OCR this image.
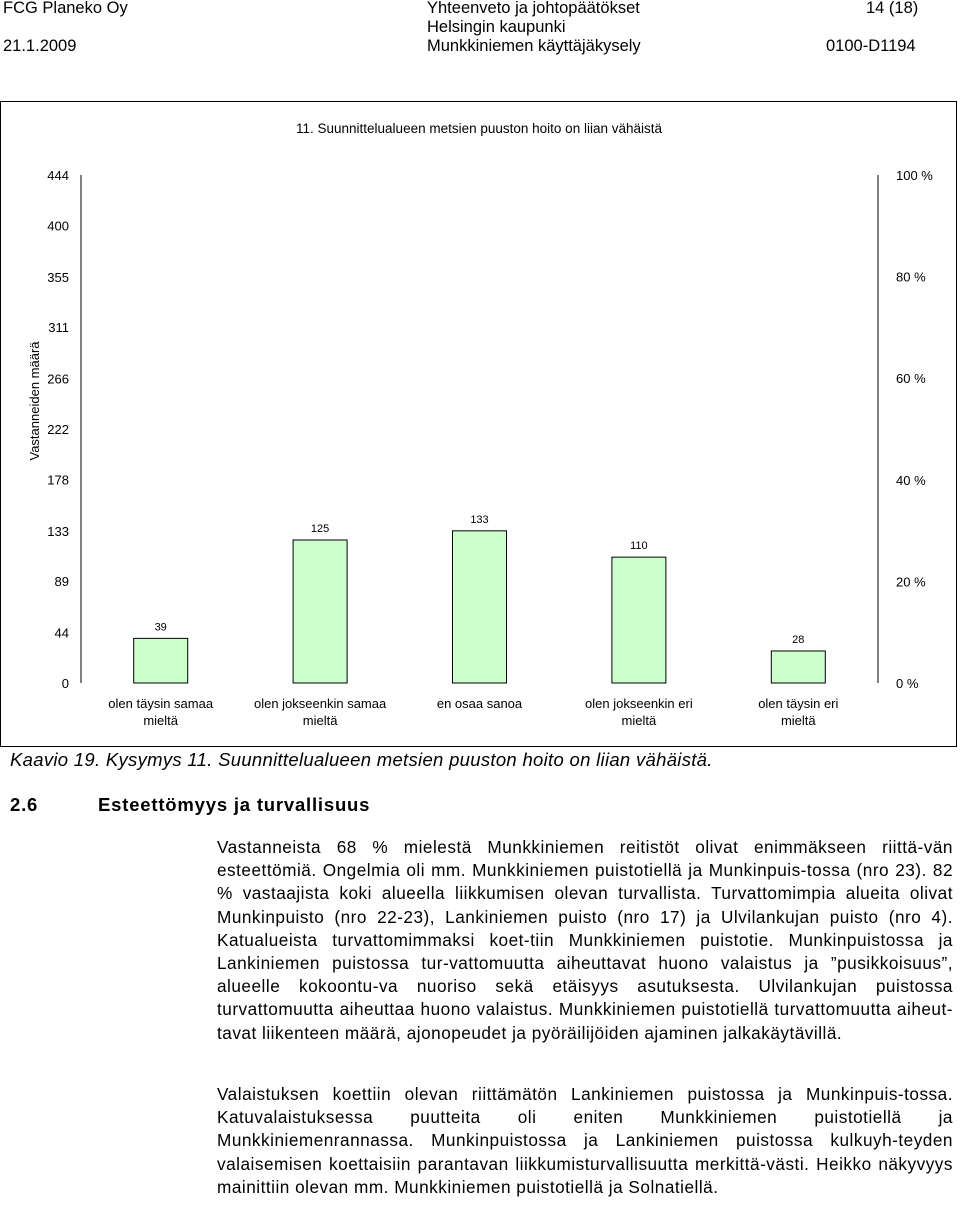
FCG Planeko Oy
21.1.2009
Yhteenveto ja johtopäätökset
Helsingin kaupunki
Munkkiniemen käyttäjäkysely
14 (18)
0100-D1194
11. Suunnittelualueen metsien puuston hoito on liian vähäistä
0
44
89
133
178
222
266
311
355
400
444
0 %
20 %
40 %
60 %
80 %
100 %
Vastanneiden määrä
39
125
133
110
28
olen täysin samaa mieltä
olen jokseenkin samaa mieltä
en osaa sanoa	olen jokseenkin eri mieltä
olen täysin eri mieltä
Kaavio 19. Kysymys 11. Suunnittelualueen metsien puuston hoito on liian vähäistä.
2.6	Esteettömyys ja turvallisuus
Vastanneista 68 % mielestä Munkkiniemen reitistöt olivat enimmäkseen riittä-vän esteettömiä. Ongelmia oli mm. Munkkiniemen puistotiellä ja Munkinpuis-tossa (nro 23). 82 % vastaajista koki alueella liikkumisen olevan turvallista. Turvattomimpia alueita olivat Munkinpuisto (nro 22-23), Lankiniemen puisto (nro 17) ja Ulvilankujan puisto (nro 4). Katualueista turvattomimmaksi koet-tiin Munkkiniemen puistotie. Munkinpuistossa ja Lankiniemen puistossa tur-vattomuutta aiheuttavat huono valaistus ja ”pusikkoisuus”, alueelle kokoontu-va nuoriso sekä etäisyys asutuksesta. Ulvilankujan puistossa turvattomuutta aiheuttaa huono valaistus. Munkkiniemen puistotiellä turvattomuutta aiheut-tavat liikenteen määrä, ajonopeudet ja pyöräilijöiden ajaminen jalkakäytävillä.
Valaistuksen koettiin olevan riittämätön Lankiniemen puistossa ja Munkinpuis-tossa. Katuvalaistuksessa puutteita oli eniten Munkkiniemen puistotiellä ja Munkkiniemenrannassa. Munkinpuistossa ja Lankiniemen puistossa kulkuyh-teyden valaisemisen koettaisiin parantavan liikkumisturvallisuutta merkittä-västi. Heikko näkyvyys mainittiin olevan mm. Munkkiniemen puistotiellä ja Solnatiellä.
